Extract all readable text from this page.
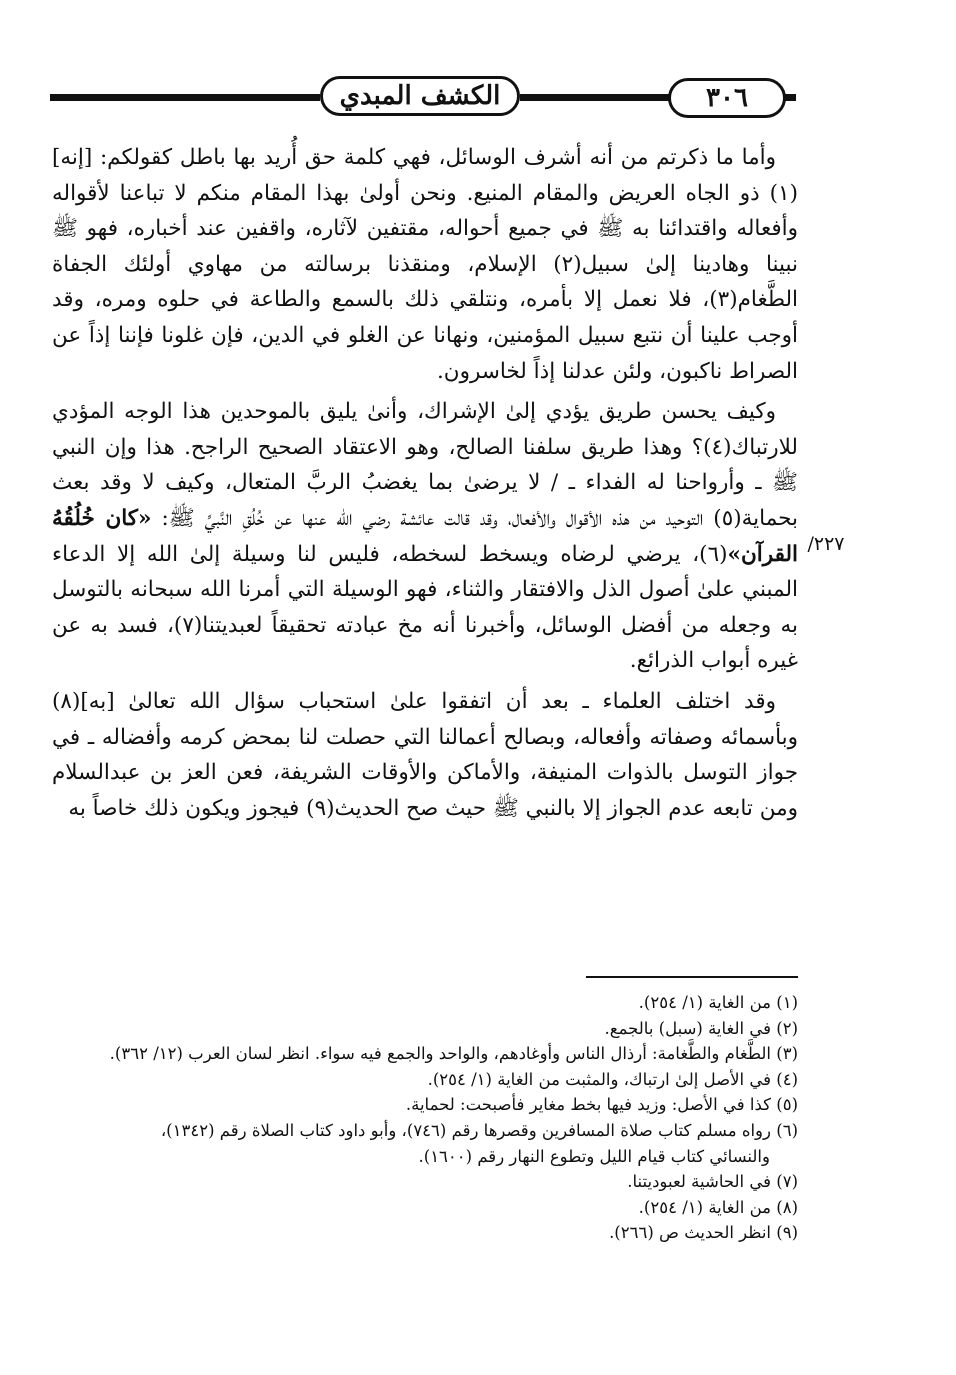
الكشف المبدي	٣٠٦
٢٢٧/

وأما ما ذكرتم من أنه أشرف الوسائل، فهي كلمة حق أُريد بها باطل كقولكم: [إنه](١) ذو الجاه العريض والمقام المنيع. ونحن أولىٰ بهذا المقام منكم لا تباعنا لأقواله وأفعاله واقتدائنا به ﷺ في جميع أحواله، مقتفين لآثاره، واقفين عند أخباره، فهو ﷺ نبينا وهادينا إلىٰ سبيل(٢) الإسلام، ومنقذنا برسالته من مهاوي أولئك الجفاة الطَّغام(٣)، فلا نعمل إلا بأمره، ونتلقي ذلك بالسمع والطاعة في حلوه ومره، وقد أوجب علينا أن نتبع سبيل المؤمنين، ونهانا عن الغلو في الدين، فإن غلونا فإننا إذاً عن الصراط ناكبون، ولئن عدلنا إذاً لخاسرون.

وكيف يحسن طريق يؤدي إلىٰ الإشراك، وأنىٰ يليق بالموحدين هذا الوجه المؤدي للارتباك(٤)؟ وهذا طريق سلفنا الصالح، وهو الاعتقاد الصحيح الراجح. هذا وإن النبي ﷺ ـ وأرواحنا له الفداء ـ / لا يرضىٰ بما يغضبُ الربَّ المتعال، وكيف لا وقد بعث بحماية(٥) التوحيد من هذه الأقوال والأفعال، وقد قالت عائشة رضي الله عنها عن خُلُقِ النَّبيِّ ﷺ: «كان خُلُقُهُ القرآن»(٦)، يرضي لرضاه ويسخط لسخطه، فليس لنا وسيلة إلىٰ الله إلا الدعاء المبني علىٰ أصول الذل والافتقار والثناء، فهو الوسيلة التي أمرنا الله سبحانه بالتوسل به وجعله من أفضل الوسائل، وأخبرنا أنه مخ عبادته تحقيقاً لعبديتنا(٧)، فسد به عن غيره أبواب الذرائع.

وقد اختلف العلماء ـ بعد أن اتفقوا علىٰ استحباب سؤال الله تعالىٰ [به](٨) وبأسمائه وصفاته وأفعاله، وبصالح أعمالنا التي حصلت لنا بمحض كرمه وأفضاله ـ في جواز التوسل بالذوات المنيفة، والأماكن والأوقات الشريفة، فعن العز بن عبدالسلام ومن تابعه عدم الجواز إلا بالنبي ﷺ حيث صح الحديث(٩) فيجوز ويكون ذلك خاصاً به

(١) من الغاية (١/ ٢٥٤).
(٢) في الغاية (سبل) بالجمع.
(٣) الطَّغام والطَّغامة: أرذال الناس وأوغادهم، والواحد والجمع فيه سواء. انظر لسان العرب (١٢/ ٣٦٢).
(٤) في الأصل إلىٰ ارتباك، والمثبت من الغاية (١/ ٢٥٤).
(٥) كذا في الأصل: وزيد فيها بخط مغاير فأصبحت: لحماية.
(٦) رواه مسلم كتاب صلاة المسافرين وقصرها رقم (٧٤٦)، وأبو داود كتاب الصلاة رقم (١٣٤٢)،
والنسائي كتاب قيام الليل وتطوع النهار رقم (١٦٠٠).
(٧) في الحاشية لعبوديتنا.
(٨) من الغاية (١/ ٢٥٤).
(٩) انظر الحديث ص (٢٦٦).
